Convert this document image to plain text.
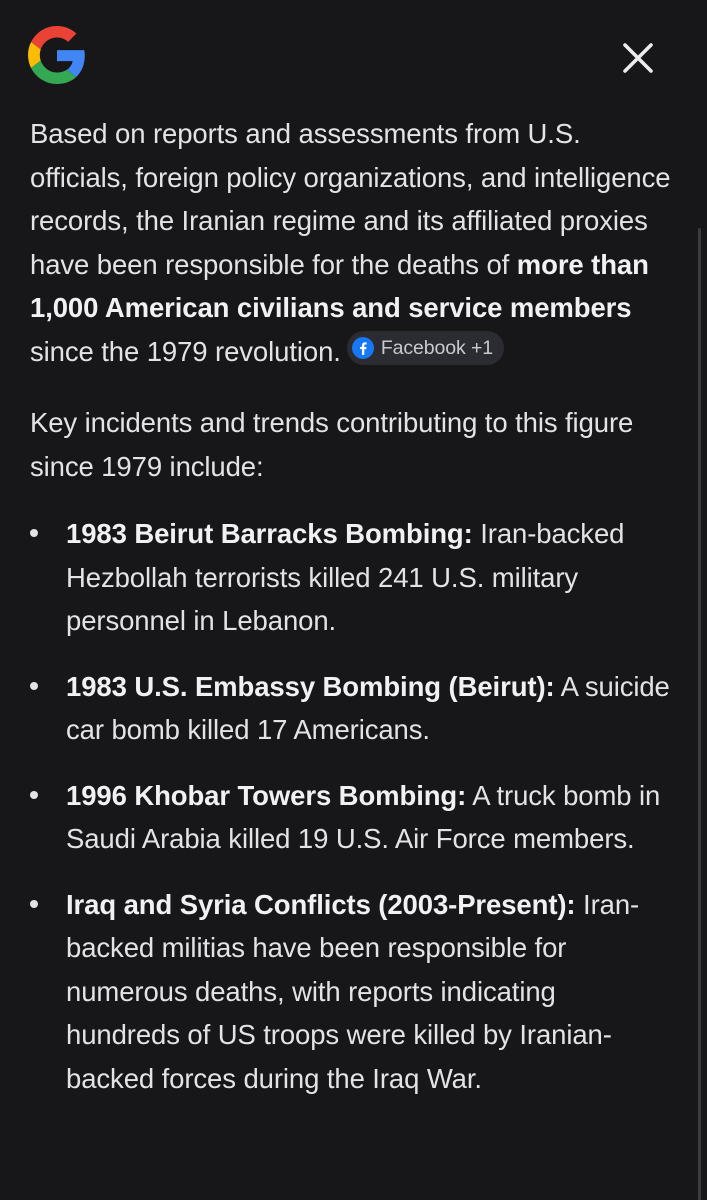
Based on reports and assessments from U.S. officials, foreign policy organizations, and intelligence records, the Iranian regime and its affiliated proxies have been responsible for the deaths of more than 1,000 American civilians and service members since the 1979 revolution. Facebook +1

Key incidents and trends contributing to this figure since 1979 include:

1983 Beirut Barracks Bombing: Iran-backed Hezbollah terrorists killed 241 U.S. military personnel in Lebanon.
1983 U.S. Embassy Bombing (Beirut): A suicide car bomb killed 17 Americans.
1996 Khobar Towers Bombing: A truck bomb in Saudi Arabia killed 19 U.S. Air Force members.
Iraq and Syria Conflicts (2003-Present): Iran-backed militias have been responsible for numerous deaths, with reports indicating hundreds of US troops were killed by Iranian-backed forces during the Iraq War.
